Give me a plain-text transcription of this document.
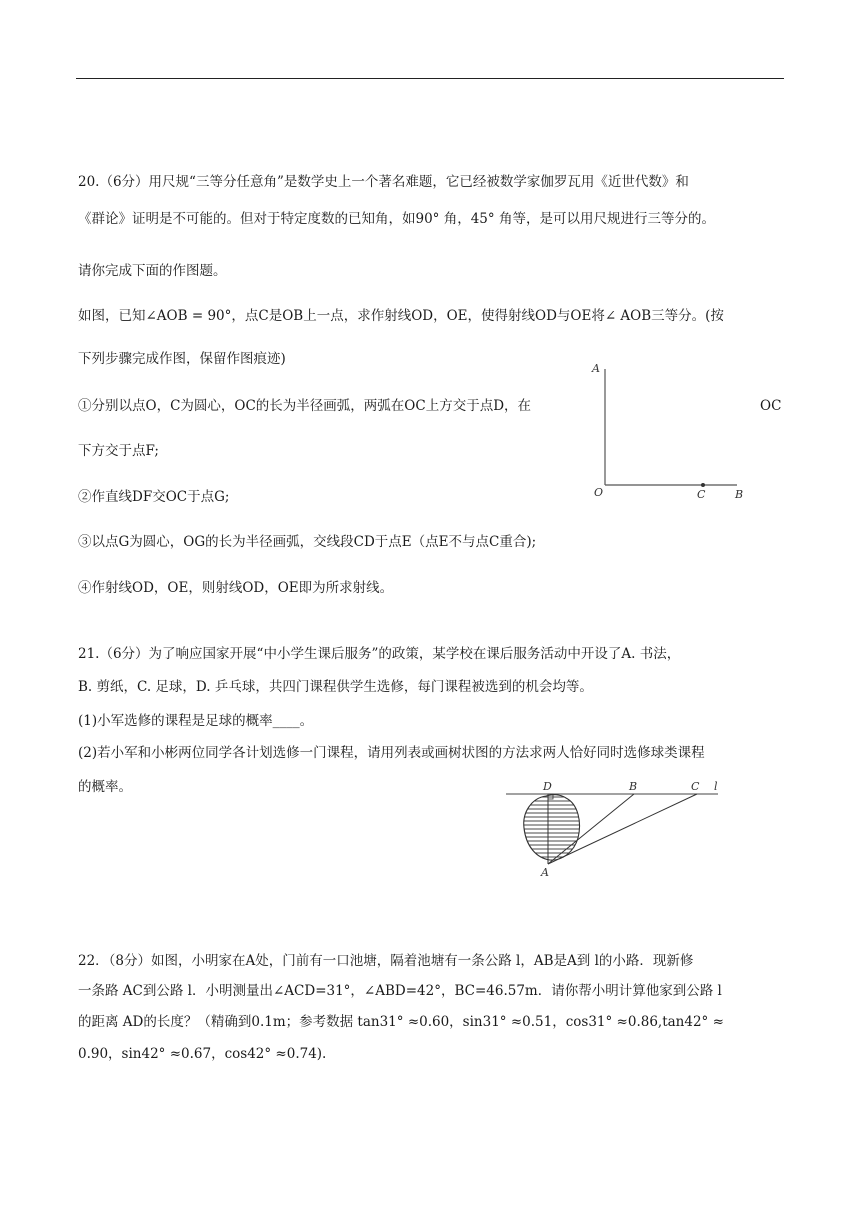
20.（6分）用尺规“三等分任意角”是数学史上一个著名难题，它已经被数学家伽罗瓦用《近世代数》和
《群论》证明是不可能的。但对于特定度数的已知角，如90° 角，45° 角等，是可以用尺规进行三等分的。
请你完成下面的作图题。
如图，已知∠AOB = 90°，点C是OB上一点，求作射线OD，OE，使得射线OD与OE将∠ AOB三等分。(按
下列步骤完成作图，保留作图痕迹)
①分别以点O，C为圆心，OC的长为半径画弧，两弧在OC上方交于点D，在	OC
下方交于点F;
②作直线DF交OC于点G;
③以点G为圆心，OG的长为半径画弧，交线段CD于点E（点E不与点C重合);
④作射线OD，OE，则射线OD，OE即为所求射线。
A
O	C	B
21.（6分）为了响应国家开展“中小学生课后服务”的政策，某学校在课后服务活动中开设了A. 书法，
B. 剪纸，C. 足球，D. 乒乓球，共四门课程供学生选修，每门课程被选到的机会均等。
(1)小军选修的课程是足球的概率____。
(2)若小军和小彬两位同学各计划选修一门课程，请用列表或画树状图的方法求两人恰好同时选修球类课程
的概率。	D	B	C l
A
22．（8分）如图，小明家在A处，门前有一口池塘，隔着池塘有一条公路 l，AB是A到 l的小路．现新修
一条路 AC到公路 l．小明测量出∠ACD=31°，∠ABD=42°，BC=46.57m．请你帮小明计算他家到公路 l
的距离 AD的长度？（精确到0.1m；参考数据 tan31° ≈0.60，sin31° ≈0.51，cos31° ≈0.86,tan42° ≈
0.90，sin42° ≈0.67，cos42° ≈0.74).
